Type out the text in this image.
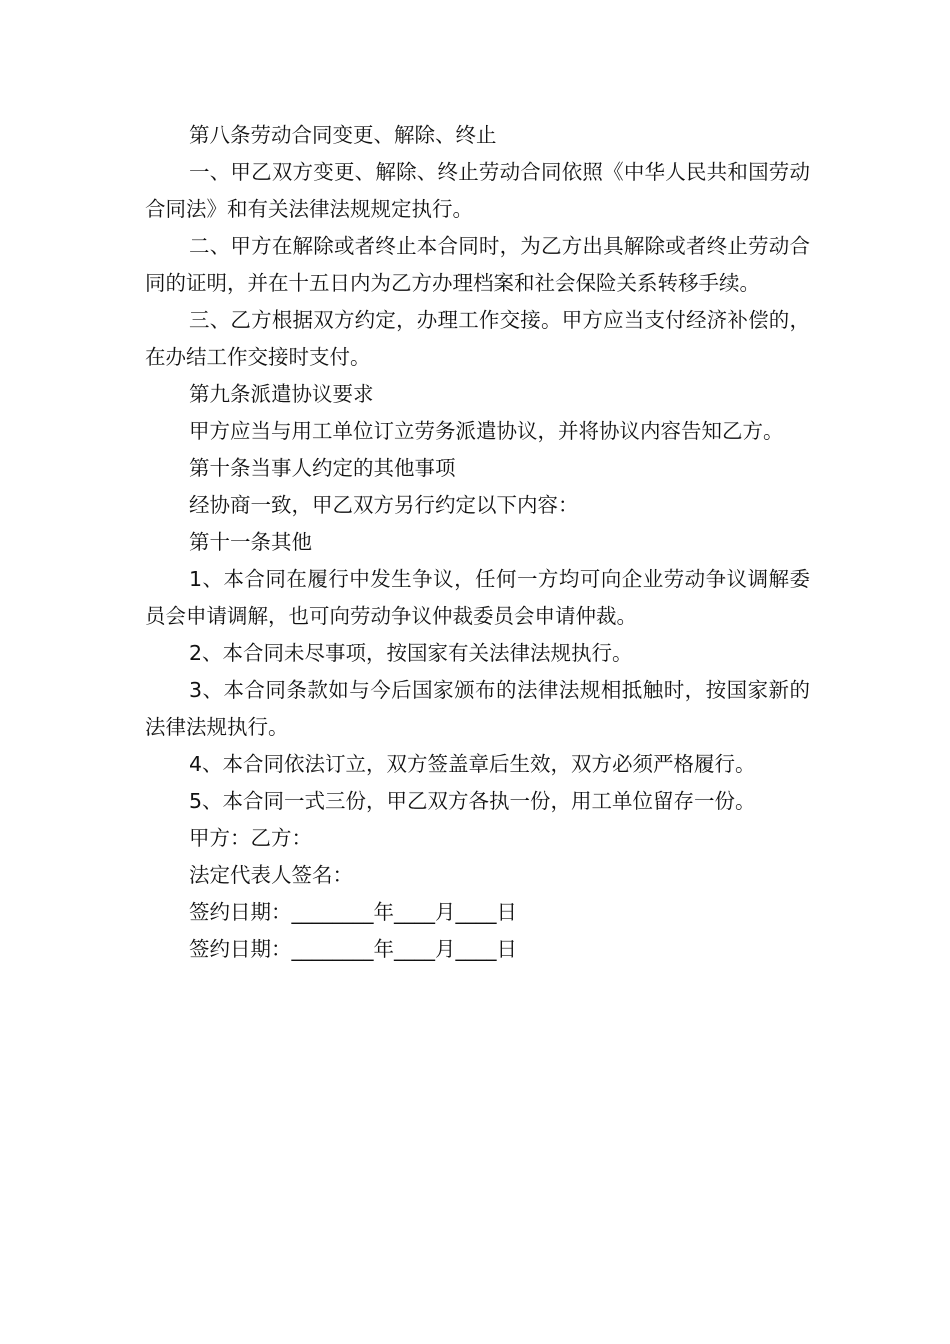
第八条劳动合同变更、解除、终止

一、甲乙双方变更、解除、终止劳动合同依照《中华人民共和国劳动合同法》和有关法律法规规定执行。

二、甲方在解除或者终止本合同时，为乙方出具解除或者终止劳动合同的证明，并在十五日内为乙方办理档案和社会保险关系转移手续。

三、乙方根据双方约定，办理工作交接。甲方应当支付经济补偿的，在办结工作交接时支付。

第九条派遣协议要求

甲方应当与用工单位订立劳务派遣协议，并将协议内容告知乙方。

第十条当事人约定的其他事项

经协商一致，甲乙双方另行约定以下内容：

第十一条其他

1、本合同在履行中发生争议，任何一方均可向企业劳动争议调解委员会申请调解，也可向劳动争议仲裁委员会申请仲裁。

2、本合同未尽事项，按国家有关法律法规执行。

3、本合同条款如与今后国家颁布的法律法规相抵触时，按国家新的法律法规执行。

4、本合同依法订立，双方签盖章后生效，双方必须严格履行。

5、本合同一式三份，甲乙双方各执一份，用工单位留存一份。

甲方：乙方：

法定代表人签名：

签约日期：________年____月____日

签约日期：________年____月____日
